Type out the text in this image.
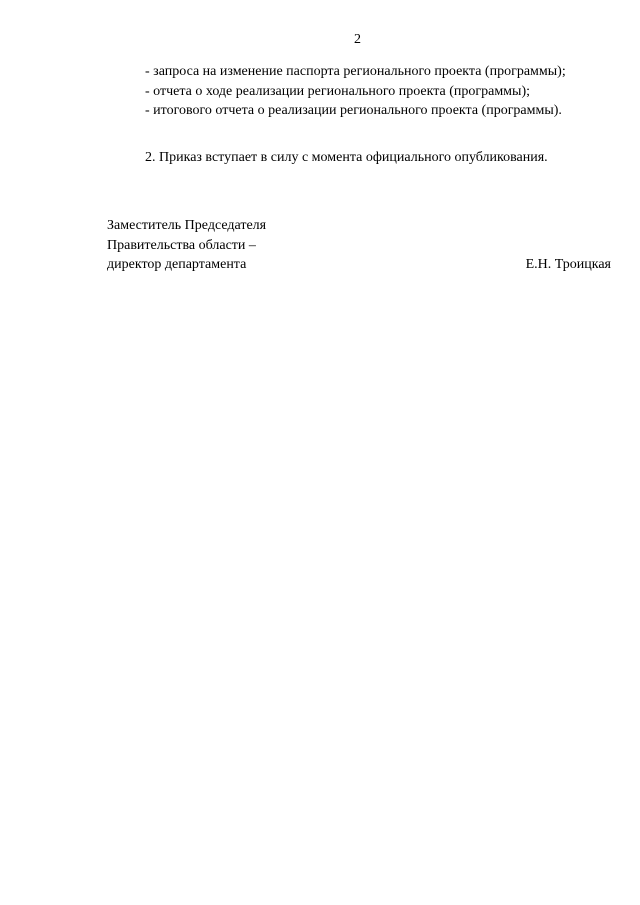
2
- запроса на изменение паспорта регионального проекта (программы);
- отчета о ходе реализации регионального проекта (программы);
- итогового отчета о реализации регионального проекта (программы).
2. Приказ вступает в силу с момента официального опубликования.
Заместитель Председателя
Правительства области –
директор департамента	Е.Н. Троицкая
